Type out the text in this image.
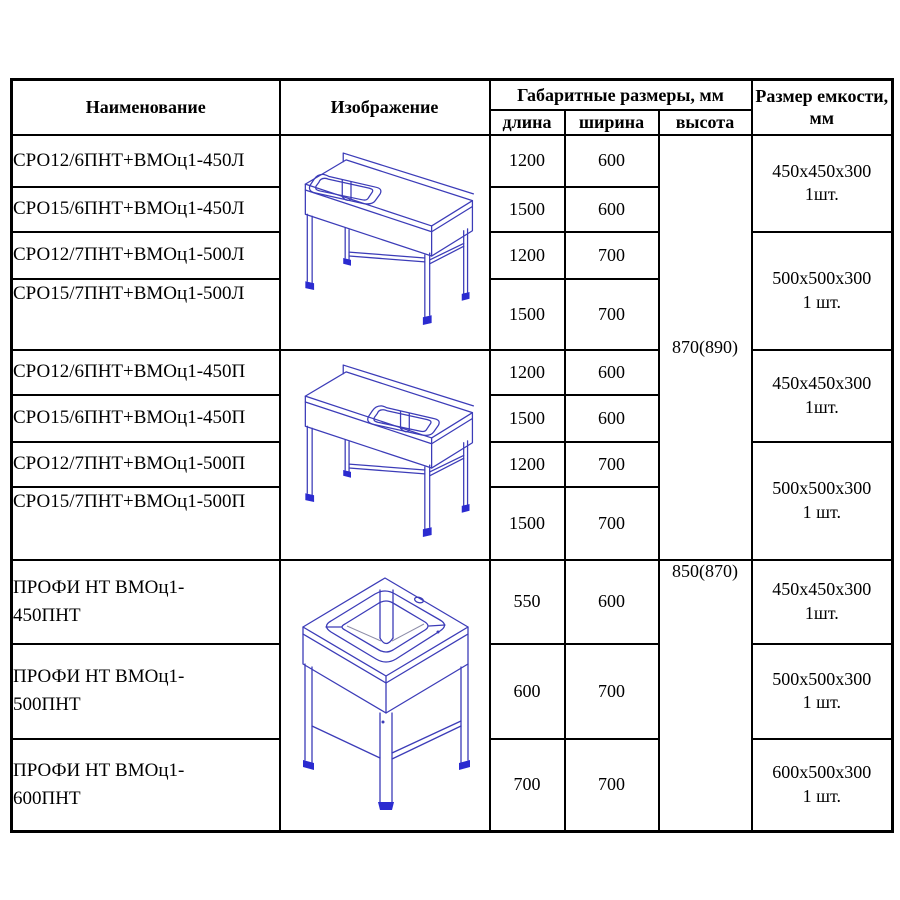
Наименование	Изображение	Габаритные размеры, мм			Размер емкости, мм
		длина	ширина	высота	
СРО12/6ПНТ+ВМОц1-450Л		1200	600	870(890)	450x450x300
1шт.

СРО15/6ПНТ+ВМОц1-450Л		1500	600		
СРО12/7ПНТ+ВМОц1-500Л		1200	700		500x500x300
1 шт.

СРО15/7ПНТ+ВМОц1-500Л		1500	700		
СРО12/6ПНТ+ВМОц1-450П		1200	600		450x450x300
1шт.

СРО15/6ПНТ+ВМОц1-450П		1500	600		
СРО12/7ПНТ+ВМОц1-500П		1200	700		500x500x300
1 шт.

СРО15/7ПНТ+ВМОц1-500П		1500	700		
ПРОФИ НТ ВМОц1-450ПНТ		550	600	850(870)	450x450x300
1шт.

ПРОФИ НТ ВМОц1-500ПНТ		600	700		500x500x300
1 шт.

ПРОФИ НТ ВМОц1-600ПНТ		700	700		600x500x300
1 шт.
